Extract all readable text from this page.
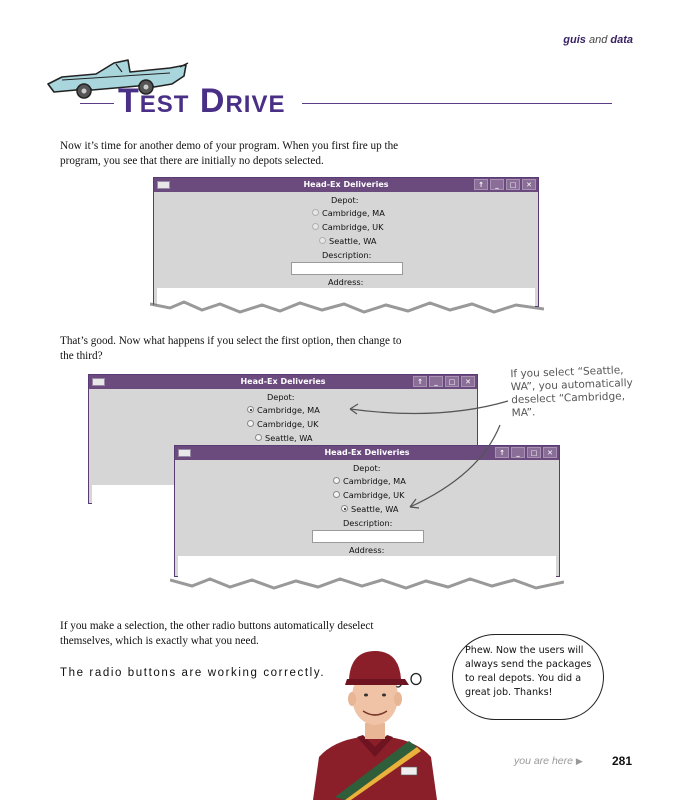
guis and data
Test Drive
Now it’s time for another demo of your program. When you first fire up the
program, you see that there are initially no depots selected.
Head-Ex Deliveries	↑	_	□	✕
Depot:
Cambridge, MA
Cambridge, UK
Seattle, WA
Description:
Address:
That’s good. Now what happens if you select the first option, then change to
the third?
Head-Ex Deliveries	↑	_	□	✕
Depot:
Cambridge, MA
Cambridge, UK
Seattle, WA
Head-Ex Deliveries	↑	_	□	✕
Depot:
Cambridge, MA
Cambridge, UK
Seattle, WA
Description:
Address:
If you select “Seattle,
WA”, you automatically
deselect “Cambridge,
MA”.
If you make a selection, the other radio buttons automatically deselect
themselves, which is exactly what you need.
The radio buttons are working correctly.
Phew. Now the users will
always send the packages
to real depots. You did a
great job. Thanks!
you are here ▶ 281
